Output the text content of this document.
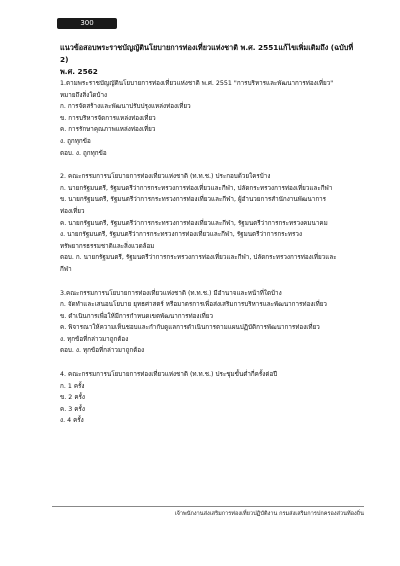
300

แนวข้อสอบพระราชบัญญัตินโยบายการท่องเที่ยวแห่งชาติ พ.ศ. 2551แก้ไขเพิ่มเติมถึง (ฉบับที่ 2)

พ.ศ. 2562

1.ตามพระราชบัญญัตินโยบายการท่องเที่ยวแห่งชาติ พ.ศ. 2551 "การบริหารและพัฒนาการท่องเที่ยว"

หมายถึงสิ่งใดบ้าง

ก. การจัดสร้างและพัฒนาปรับปรุงแหล่งท่องเที่ยว

ข. การบริหารจัดการแหล่งท่องเที่ยว

ค. การรักษาคุณภาพแหล่งท่องเที่ยว

ง. ถูกทุกข้อ

ตอบ. ง. ถูกทุกข้อ

2. คณะกรรมการนโยบายการท่องเที่ยวแห่งชาติ (ท.ท.ช.) ประกอบด้วยใครบ้าง

ก. นายกรัฐมนตรี, รัฐมนตรีว่าการกระทรวงการท่องเที่ยวและกีฬา, ปลัดกระทรวงการท่องเที่ยวและกีฬา

ข. นายกรัฐมนตรี, รัฐมนตรีว่าการกระทรวงการท่องเที่ยวและกีฬา, ผู้อำนวยการสำนักงานพัฒนาการ

ท่องเที่ยว

ค. นายกรัฐมนตรี, รัฐมนตรีว่าการกระทรวงการท่องเที่ยวและกีฬา, รัฐมนตรีว่าการกระทรวงคมนาคม

ง. นายกรัฐมนตรี, รัฐมนตรีว่าการกระทรวงการท่องเที่ยวและกีฬา, รัฐมนตรีว่าการกระทรวง

ทรัพยากรธรรมชาติและสิ่งแวดล้อม

ตอบ. ก. นายกรัฐมนตรี, รัฐมนตรีว่าการกระทรวงการท่องเที่ยวและกีฬา, ปลัดกระทรวงการท่องเที่ยวและ

กีฬา

3.คณะกรรมการนโยบายการท่องเที่ยวแห่งชาติ (ท.ท.ช.) มีอำนาจและหน้าที่ใดบ้าง

ก. จัดทำและเสนอนโยบาย ยุทธศาสตร์ หรือมาตรการเพื่อส่งเสริมการบริหารและพัฒนาการท่องเที่ยว

ข. ดำเนินการเพื่อให้มีการกำหนดเขตพัฒนาการท่องเที่ยว

ค. พิจารณาให้ความเห็นชอบและกำกับดูแลการดำเนินการตามแผนปฏิบัติการพัฒนาการท่องเที่ยว

ง. ทุกข้อที่กล่าวมาถูกต้อง

ตอบ. ง. ทุกข้อที่กล่าวมาถูกต้อง

4. คณะกรรมการนโยบายการท่องเที่ยวแห่งชาติ (ท.ท.ช.) ประชุมขั้นต่ำกี่ครั้งต่อปี

ก. 1 ครั้ง

ข. 2 ครั้ง

ค. 3 ครั้ง

ง. 4 ครั้ง

เจ้าพนักงานส่งเสริมการท่องเที่ยวปฏิบัติงาน กรมส่งเสริมการปกครองส่วนท้องถิ่น
